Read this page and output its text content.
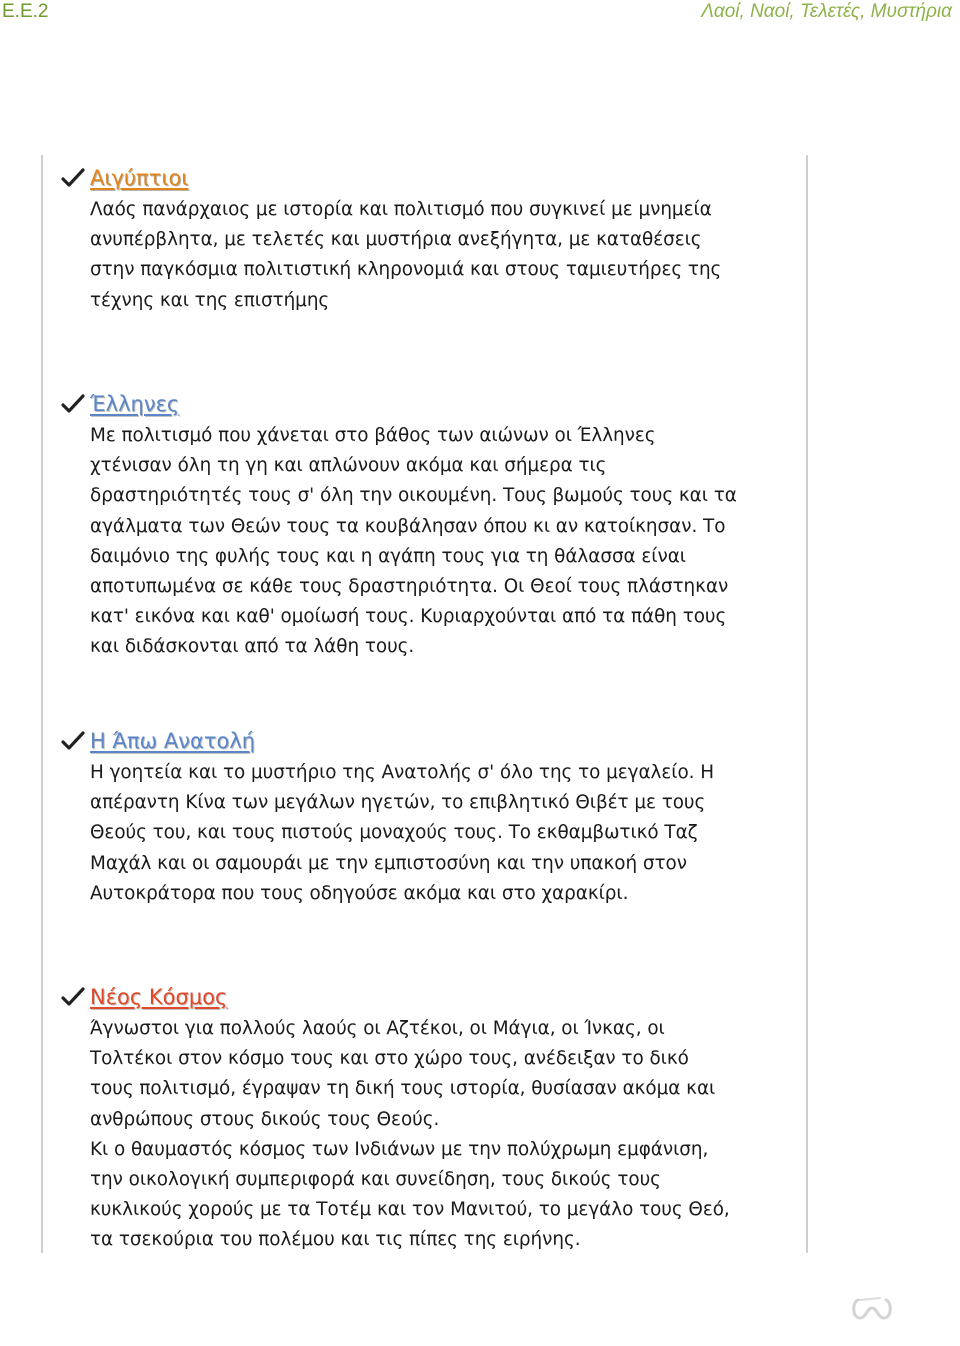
Ε.Ε.2	Λαοί, Ναοί, Τελετές, Μυστήρια
Αιγύπτιοι
Λαός πανάρχαιος με ιστορία και πολιτισμό που συγκινεί με μνημεία
ανυπέρβλητα, με τελετές και μυστήρια ανεξήγητα, με καταθέσεις
στην παγκόσμια πολιτιστική κληρονομιά και στους ταμιευτήρες της
τέχνης και της επιστήμης
Έλληνες
Με πολιτισμό που χάνεται στο βάθος των αιώνων οι Έλληνες
χτένισαν όλη τη γη και απλώνουν ακόμα και σήμερα τις
δραστηριότητές τους σ' όλη την οικουμένη. Τους βωμούς τους και τα
αγάλματα των Θεών τους τα κουβάλησαν όπου κι αν κατοίκησαν. Το
δαιμόνιο της φυλής τους και η αγάπη τους για τη θάλασσα είναι
αποτυπωμένα σε κάθε τους δραστηριότητα. Οι Θεοί τους πλάστηκαν
κατ' εικόνα και καθ' ομοίωσή τους. Κυριαρχούνται από τα πάθη τους
και διδάσκονται από τα λάθη τους.
Η Άπω Ανατολή
Η γοητεία και το μυστήριο της Ανατολής σ' όλο της το μεγαλείο. Η
απέραντη Κίνα των μεγάλων ηγετών, το επιβλητικό Θιβέτ με τους
Θεούς του, και τους πιστούς μοναχούς τους. Το εκθαμβωτικό Ταζ
Μαχάλ και οι σαμουράι με την εμπιστοσύνη και την υπακοή στον
Αυτοκράτορα που τους οδηγούσε ακόμα και στο χαρακίρι.
Νέος Κόσμος
Άγνωστοι για πολλούς λαούς οι Αζτέκοι, οι Μάγια, οι Ίνκας, οι
Τολτέκοι στον κόσμο τους και στο χώρο τους, ανέδειξαν το δικό
τους πολιτισμό, έγραψαν τη δική τους ιστορία, θυσίασαν ακόμα και
ανθρώπους στους δικούς τους Θεούς.
Κι ο θαυμαστός κόσμος των Ινδιάνων με την πολύχρωμη εμφάνιση,
την οικολογική συμπεριφορά και συνείδηση, τους δικούς τους
κυκλικούς χορούς με τα Τοτέμ και τον Μανιτού, το μεγάλο τους Θεό,
τα τσεκούρια του πολέμου και τις πίπες της ειρήνης.
